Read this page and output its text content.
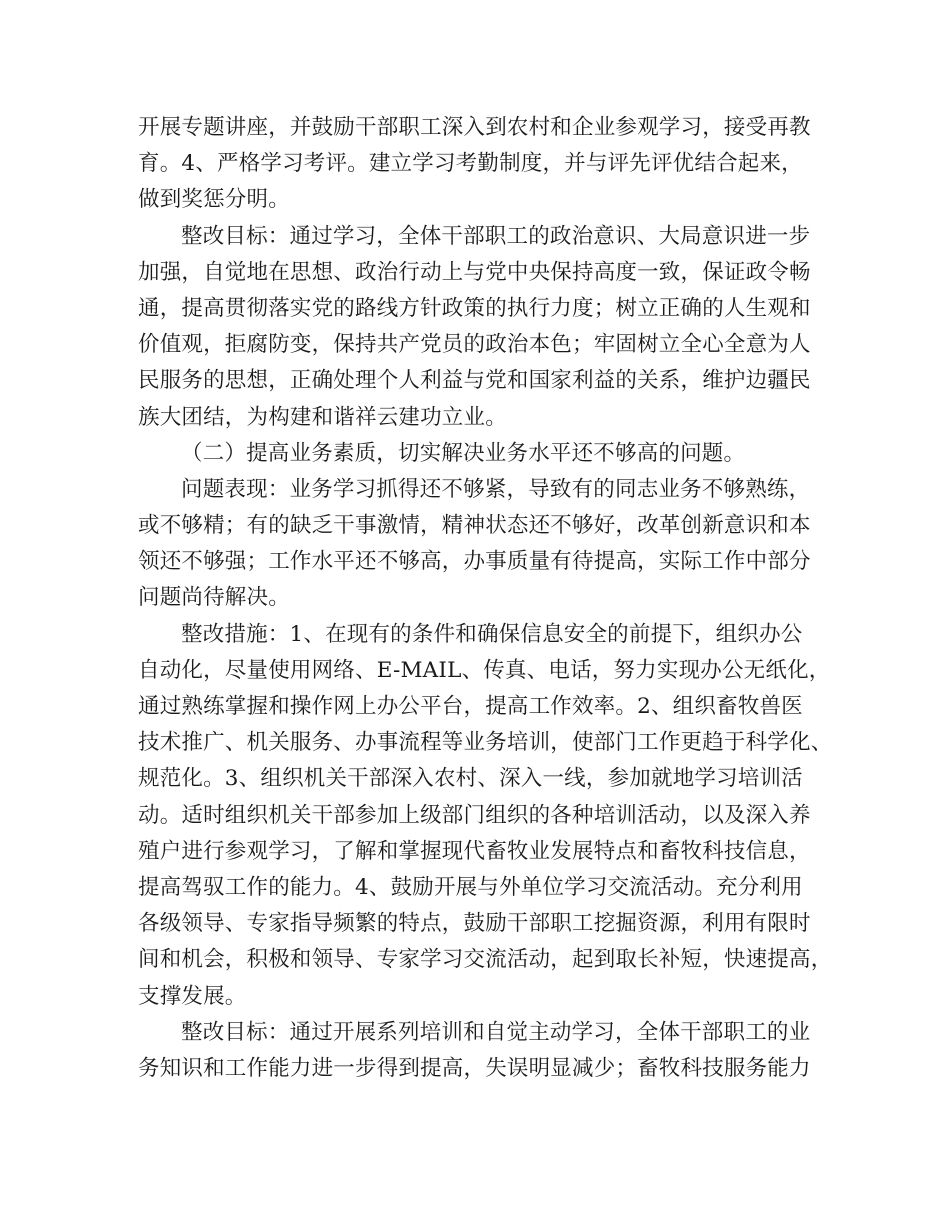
开展专题讲座，并鼓励干部职工深入到农村和企业参观学习，接受再教
育。4、严格学习考评。建立学习考勤制度，并与评先评优结合起来，
做到奖惩分明。
整改目标：通过学习，全体干部职工的政治意识、大局意识进一步
加强，自觉地在思想、政治行动上与党中央保持高度一致，保证政令畅
通，提高贯彻落实党的路线方针政策的执行力度；树立正确的人生观和
价值观，拒腐防变，保持共产党员的政治本色；牢固树立全心全意为人
民服务的思想，正确处理个人利益与党和国家利益的关系，维护边疆民
族大团结，为构建和谐祥云建功立业。
（二）提高业务素质，切实解决业务水平还不够高的问题。
问题表现：业务学习抓得还不够紧，导致有的同志业务不够熟练，
或不够精；有的缺乏干事激情，精神状态还不够好，改革创新意识和本
领还不够强；工作水平还不够高，办事质量有待提高，实际工作中部分
问题尚待解决。
整改措施：1、在现有的条件和确保信息安全的前提下，组织办公
自动化，尽量使用网络、E-MAIL、传真、电话，努力实现办公无纸化，
通过熟练掌握和操作网上办公平台，提高工作效率。2、组织畜牧兽医
技术推广、机关服务、办事流程等业务培训，使部门工作更趋于科学化、
规范化。3、组织机关干部深入农村、深入一线，参加就地学习培训活
动。适时组织机关干部参加上级部门组织的各种培训活动，以及深入养
殖户进行参观学习，了解和掌握现代畜牧业发展特点和畜牧科技信息，
提高驾驭工作的能力。4、鼓励开展与外单位学习交流活动。充分利用
各级领导、专家指导频繁的特点，鼓励干部职工挖掘资源，利用有限时
间和机会，积极和领导、专家学习交流活动，起到取长补短，快速提高，
支撑发展。
整改目标：通过开展系列培训和自觉主动学习，全体干部职工的业
务知识和工作能力进一步得到提高，失误明显减少；畜牧科技服务能力
